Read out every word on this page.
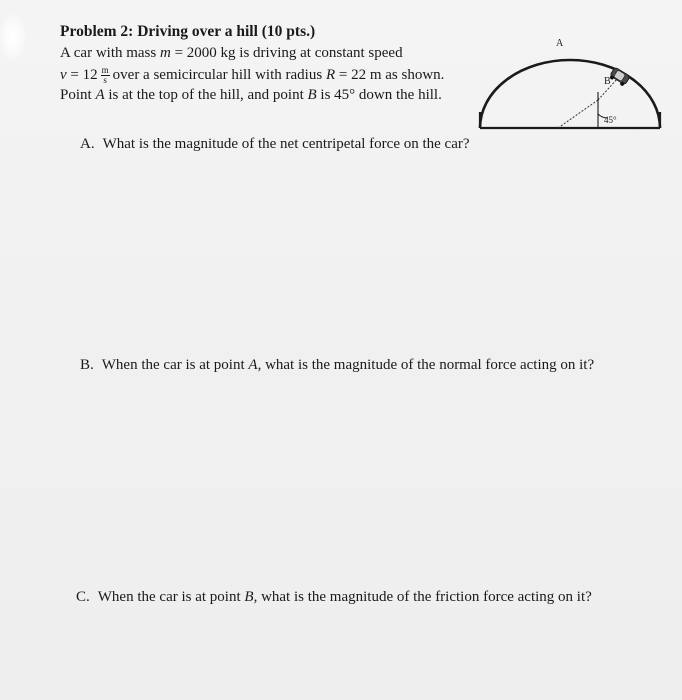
Problem 2: Driving over a hill (10 pts.)
A car with mass m = 2000 kg is driving at constant speed
$v = 12 \frac{m}{s}$ over a semicircular hill with radius R = 22 m as shown.
Point A is at the top of the hill, and point B is 45° down the hill.
A
B
45°
A. What is the magnitude of the net centripetal force on the car?
B. When the car is at point A, what is the magnitude of the normal force acting on it?
C. When the car is at point B, what is the magnitude of the friction force acting on it?
